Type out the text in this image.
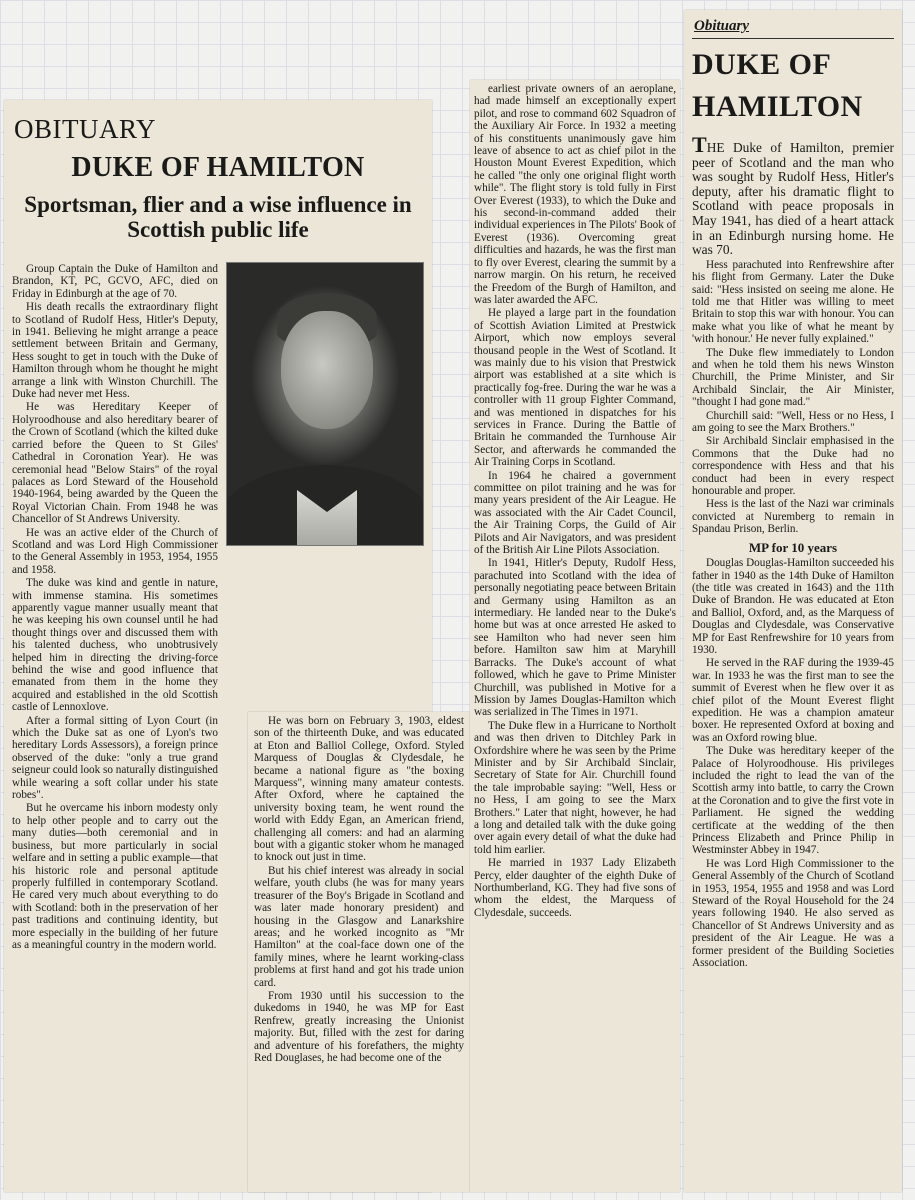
OBITUARY
DUKE OF HAMILTON
Sportsman, flier and a wise influence in Scottish public life

Group Captain the Duke of Hamilton and Brandon, KT, PC, GCVO, AFC, died on Friday in Edinburgh at the age of 70.

His death recalls the extraordinary flight to Scotland of Rudolf Hess, Hitler's Deputy, in 1941. Believing he might arrange a peace settlement between Britain and Germany, Hess sought to get in touch with the Duke of Hamilton through whom he thought he might arrange a link with Winston Churchill. The Duke had never met Hess.

He was Hereditary Keeper of Holyroodhouse and also hereditary bearer of the Crown of Scotland (which the kilted duke carried before the Queen to St Giles' Cathedral in Coronation Year). He was ceremonial head "Below Stairs" of the royal palaces as Lord Steward of the Household 1940-1964, being awarded by the Queen the Royal Victorian Chain. From 1948 he was Chancellor of St Andrews University.

He was an active elder of the Church of Scotland and was Lord High Commissioner to the General Assembly in 1953, 1954, 1955 and 1958.

The duke was kind and gentle in nature, with immense stamina. His sometimes apparently vague manner usually meant that he was keeping his own counsel until he had thought things over and discussed them with his talented duchess, who unobtrusively helped him in directing the driving-force behind the wise and good influence that emanated from them in the home they acquired and established in the old Scottish castle of Lennoxlove.

After a formal sitting of Lyon Court (in which the Duke sat as one of Lyon's two hereditary Lords Assessors), a foreign prince observed of the duke: "only a true grand seigneur could look so naturally distinguished while wearing a soft collar under his state robes".

But he overcame his inborn modesty only to help other people and to carry out the many duties—both ceremonial and in business, but more particularly in social welfare and in setting a public example—that his historic role and personal aptitude properly fulfilled in contemporary Scotland. He cared very much about everything to do with Scotland: both in the preservation of her past traditions and continuing identity, but more especially in the building of her future as a meaningful country in the modern world.

He was born on February 3, 1903, eldest son of the thirteenth Duke, and was educated at Eton and Balliol College, Oxford. Styled Marquess of Douglas & Clydesdale, he became a national figure as "the boxing Marquess", winning many amateur contests. After Oxford, where he captained the university boxing team, he went round the world with Eddy Egan, an American friend, challenging all comers: and had an alarming bout with a gigantic stoker whom he managed to knock out just in time.

But his chief interest was already in social welfare, youth clubs (he was for many years treasurer of the Boy's Brigade in Scotland and was later made honorary president) and housing in the Glasgow and Lanarkshire areas; and he worked incognito as "Mr Hamilton" at the coal-face down one of the family mines, where he learnt working-class problems at first hand and got his trade union card.

From 1930 until his succession to the dukedoms in 1940, he was MP for East Renfrew, greatly increasing the Unionist majority. But, filled with the zest for daring and adventure of his forefathers, the mighty Red Douglases, he had become one of the

earliest private owners of an aeroplane, had made himself an exceptionally expert pilot, and rose to command 602 Squadron of the Auxiliary Air Force. In 1932 a meeting of his constituents unanimously gave him leave of absence to act as chief pilot in the Houston Mount Everest Expedition, which he called "the only one original flight worth while". The flight story is told fully in First Over Everest (1933), to which the Duke and his second-in-command added their individual experiences in The Pilots' Book of Everest (1936). Overcoming great difficulties and hazards, he was the first man to fly over Everest, clearing the summit by a narrow margin. On his return, he received the Freedom of the Burgh of Hamilton, and was later awarded the AFC.

He played a large part in the foundation of Scottish Aviation Limited at Prestwick Airport, which now employs several thousand people in the West of Scotland. It was mainly due to his vision that Prestwick airport was established at a site which is practically fog-free. During the war he was a controller with 11 group Fighter Command, and was mentioned in dispatches for his services in France. During the Battle of Britain he commanded the Turnhouse Air Sector, and afterwards he commanded the Air Training Corps in Scotland.

In 1964 he chaired a government committee on pilot training and he was for many years president of the Air League. He was associated with the Air Cadet Council, the Air Training Corps, the Guild of Air Pilots and Air Navigators, and was president of the British Air Line Pilots Association.

In 1941, Hitler's Deputy, Rudolf Hess, parachuted into Scotland with the idea of personally negotiating peace between Britain and Germany using Hamilton as an intermediary. He landed near to the Duke's home but was at once arrested He asked to see Hamilton who had never seen him before. Hamilton saw him at Maryhill Barracks. The Duke's account of what followed, which he gave to Prime Minister Churchill, was published in Motive for a Mission by James Douglas-Hamilton which was serialized in The Times in 1971.

The Duke flew in a Hurricane to Northolt and was then driven to Ditchley Park in Oxfordshire where he was seen by the Prime Minister and by Sir Archibald Sinclair, Secretary of State for Air. Churchill found the tale improbable saying: "Well, Hess or no Hess, I am going to see the Marx Brothers." Later that night, however, he had a long and detailed talk with the duke going over again every detail of what the duke had told him earlier.

He married in 1937 Lady Elizabeth Percy, elder daughter of the eighth Duke of Northumberland, KG. They had five sons of whom the eldest, the Marquess of Clydesdale, succeeds.

Obituary
DUKE OF HAMILTON

THE Duke of Hamilton, premier peer of Scotland and the man who was sought by Rudolf Hess, Hitler's deputy, after his dramatic flight to Scotland with peace proposals in May 1941, has died of a heart attack in an Edinburgh nursing home. He was 70.

Hess parachuted into Renfrewshire after his flight from Germany. Later the Duke said: "Hess insisted on seeing me alone. He told me that Hitler was willing to meet Britain to stop this war with honour. You can make what you like of what he meant by 'with honour.' He never fully explained."

The Duke flew immediately to London and when he told them his news Winston Churchill, the Prime Minister, and Sir Archibald Sinclair, the Air Minister, "thought I had gone mad."

Churchill said: "Well, Hess or no Hess, I am going to see the Marx Brothers."

Sir Archibald Sinclair emphasised in the Commons that the Duke had no correspondence with Hess and that his conduct had been in every respect honourable and proper.

Hess is the last of the Nazi war criminals convicted at Nuremberg to remain in Spandau Prison, Berlin.

MP for 10 years

Douglas Douglas-Hamilton succeeded his father in 1940 as the 14th Duke of Hamilton (the title was created in 1643) and the 11th Duke of Brandon. He was educated at Eton and Balliol, Oxford, and, as the Marquess of Douglas and Clydesdale, was Conservative MP for East Renfrewshire for 10 years from 1930.

He served in the RAF during the 1939-45 war. In 1933 he was the first man to see the summit of Everest when he flew over it as chief pilot of the Mount Everest flight expedition. He was a champion amateur boxer. He represented Oxford at boxing and was an Oxford rowing blue.

The Duke was hereditary keeper of the Palace of Holyroodhouse. His privileges included the right to lead the van of the Scottish army into battle, to carry the Crown at the Coronation and to give the first vote in Parliament. He signed the wedding certificate at the wedding of the then Princess Elizabeth and Prince Philip in Westminster Abbey in 1947.

He was Lord High Commissioner to the General Assembly of the Church of Scotland in 1953, 1954, 1955 and 1958 and was Lord Steward of the Royal Household for the 24 years following 1940. He also served as Chancellor of St Andrews University and as president of the Air League. He was a former president of the Building Societies Association.
